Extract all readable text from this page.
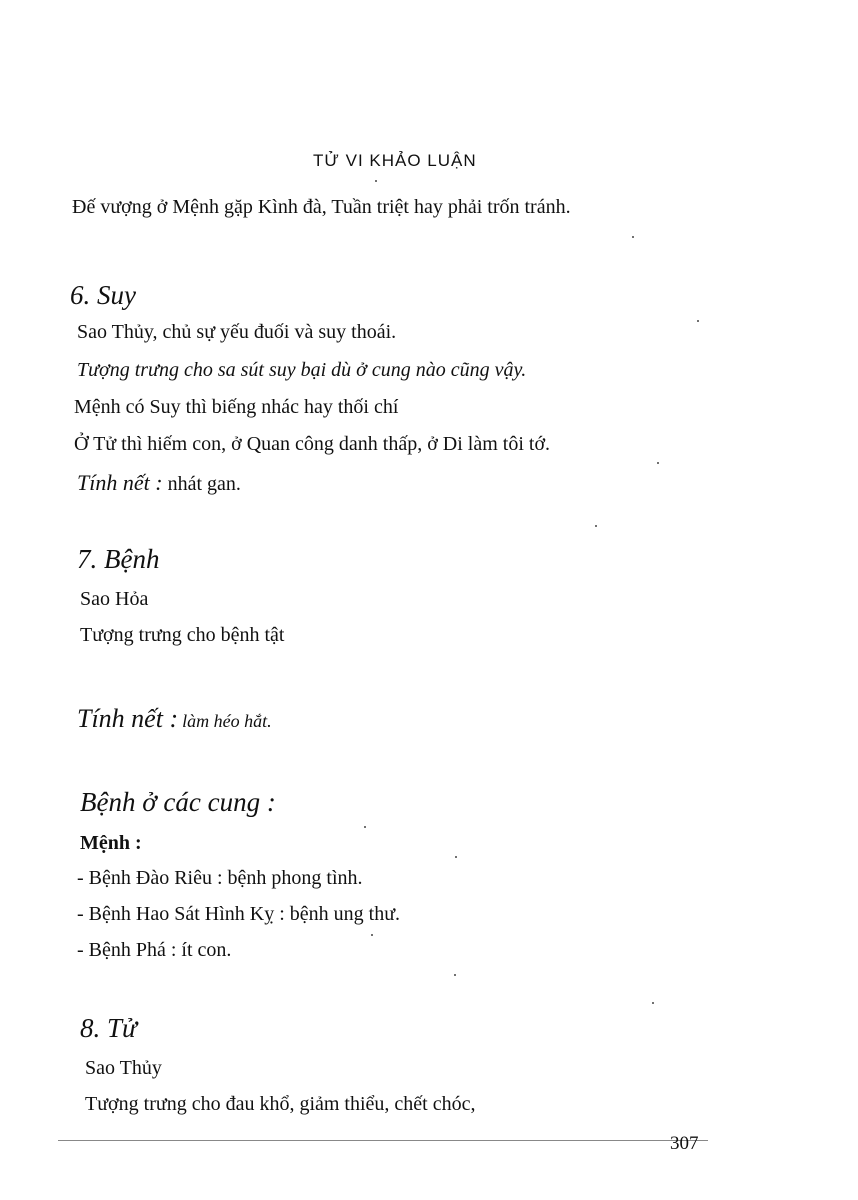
TỬ VI KHẢO LUẬN
Đế vượng ở Mệnh gặp Kình đà, Tuần triệt hay phải trốn tránh.
6. Suy
Sao Thủy, chủ sự yếu đuối và suy thoái.
Tượng trưng cho sa sút suy bại dù ở cung nào cũng vậy.
Mệnh có Suy thì biếng nhác hay thối chí
Ở Tử thì hiếm con, ở Quan công danh thấp, ở Di làm tôi tớ.
Tính nết : nhát gan.
7. Bệnh
Sao Hỏa
Tượng trưng cho bệnh tật
Tính nết : làm héo hắt.
Bệnh ở các cung :
Mệnh :
- Bệnh Đào Riêu : bệnh phong tình.
- Bệnh Hao Sát Hình Kỵ : bệnh ung thư.
- Bệnh Phá : ít con.
8. Tử
Sao Thủy
Tượng trưng cho đau khổ, giảm thiểu, chết chóc,
307
